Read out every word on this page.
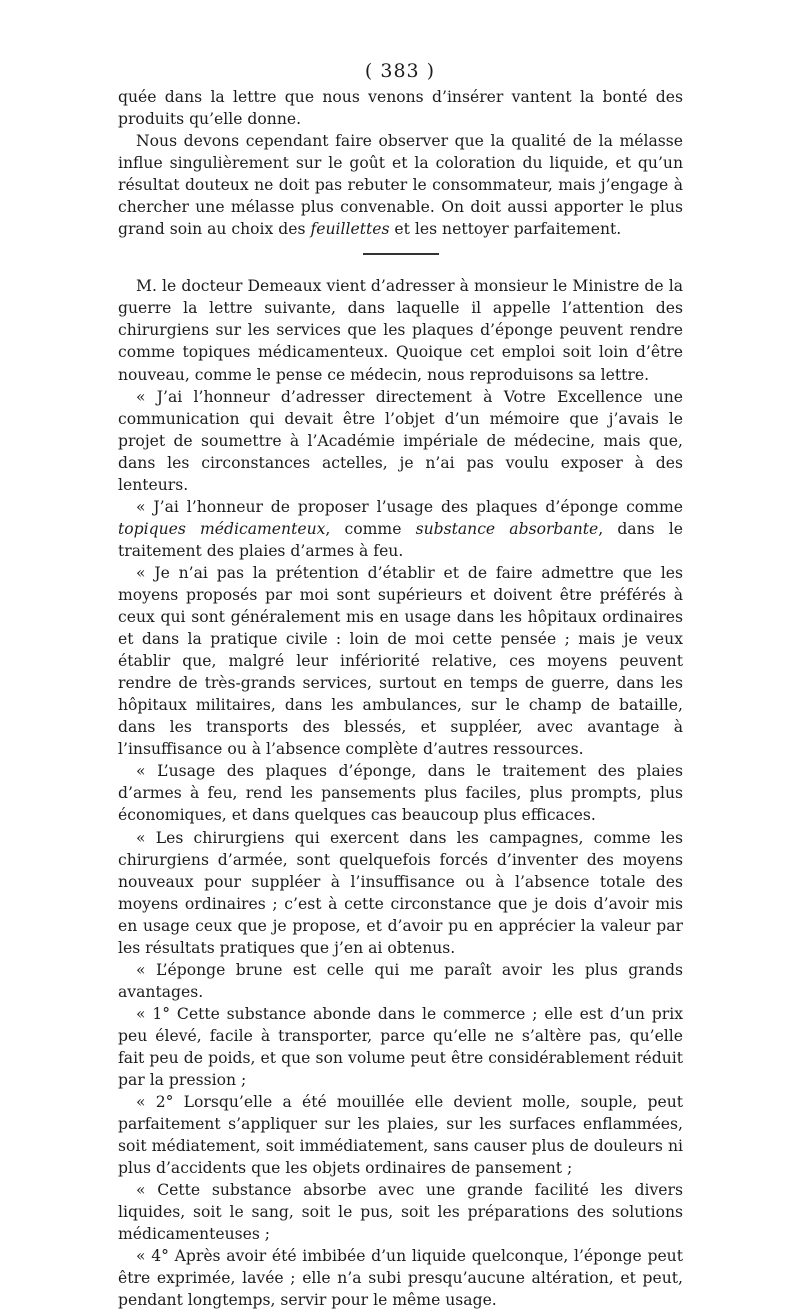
( 383 )

quée dans la lettre que nous venons d’insérer vantent la bonté des produits qu’elle donne.

Nous devons cependant faire observer que la qualité de la mélasse influe singulièrement sur le goût et la coloration du liquide, et qu’un résultat douteux ne doit pas rebuter le consommateur, mais j’engage à chercher une mélasse plus convenable. On doit aussi apporter le plus grand soin au choix des feuillettes et les nettoyer parfaitement.

M. le docteur Demeaux vient d’adresser à monsieur le Ministre de la guerre la lettre suivante, dans laquelle il appelle l’attention des chirurgiens sur les services que les plaques d’éponge peuvent rendre comme topiques médicamenteux. Quoique cet emploi soit loin d’être nouveau, comme le pense ce médecin, nous reproduisons sa lettre.

« J’ai l’honneur d’adresser directement à Votre Excellence une communication qui devait être l’objet d’un mémoire que j’avais le projet de soumettre à l’Académie impériale de médecine, mais que, dans les circonstances actelles, je n’ai pas voulu exposer à des lenteurs.

« J’ai l’honneur de proposer l’usage des plaques d’éponge comme topiques médicamenteux, comme substance absorbante, dans le traitement des plaies d’armes à feu.

« Je n’ai pas la prétention d’établir et de faire admettre que les moyens proposés par moi sont supérieurs et doivent être préférés à ceux qui sont généralement mis en usage dans les hôpitaux ordinaires et dans la pratique civile : loin de moi cette pensée ; mais je veux établir que, malgré leur infériorité relative, ces moyens peuvent rendre de très-grands services, surtout en temps de guerre, dans les hôpitaux militaires, dans les ambulances, sur le champ de bataille, dans les transports des blessés, et suppléer, avec avantage à l’insuffisance ou à l’absence complète d’autres ressources.

« L’usage des plaques d’éponge, dans le traitement des plaies d’armes à feu, rend les pansements plus faciles, plus prompts, plus économiques, et dans quelques cas beaucoup plus efficaces.

« Les chirurgiens qui exercent dans les campagnes, comme les chirurgiens d’armée, sont quelquefois forcés d’inventer des moyens nouveaux pour suppléer à l’insuffisance ou à l’absence totale des moyens ordinaires ; c’est à cette circonstance que je dois d’avoir mis en usage ceux que je propose, et d’avoir pu en apprécier la valeur par les résultats pratiques que j’en ai obtenus.

« L’éponge brune est celle qui me paraît avoir les plus grands avantages.

« 1° Cette substance abonde dans le commerce ; elle est d’un prix peu élevé, facile à transporter, parce qu’elle ne s’altère pas, qu’elle fait peu de poids, et que son volume peut être considérablement réduit par la pression ;

« 2° Lorsqu’elle a été mouillée elle devient molle, souple, peut parfaitement s’appliquer sur les plaies, sur les surfaces enflammées, soit médiatement, soit immédiatement, sans causer plus de douleurs ni plus d’accidents que les objets ordinaires de pansement ;

« Cette substance absorbe avec une grande facilité les divers liquides, soit le sang, soit le pus, soit les préparations des solutions médicamenteuses ;

« 4° Après avoir été imbibée d’un liquide quelconque, l’éponge peut être exprimée, lavée ; elle n’a subi presqu’aucune altération, et peut, pendant longtemps, servir pour le même usage.
